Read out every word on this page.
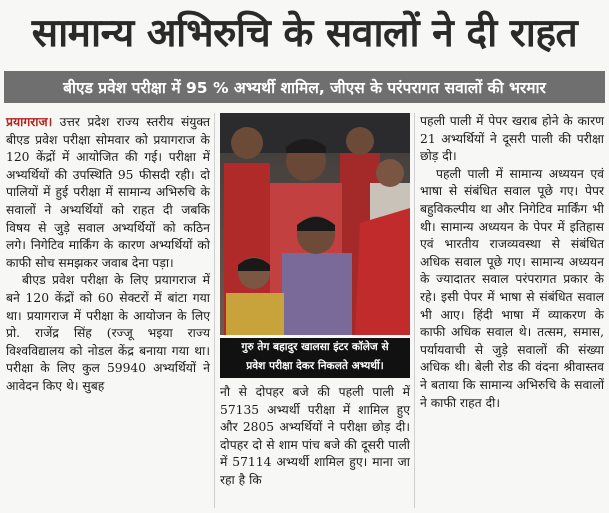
सामान्य अभिरुचि के सवालों ने दी राहत
बीएड प्रवेश परीक्षा में 95 % अभ्यर्थी शामिल, जीएस के परंपरागत सवालों की भरमार

प्रयागराज। उत्तर प्रदेश राज्य स्तरीय संयुक्त बीएड प्रवेश परीक्षा सोमवार को प्रयागराज के 120 केंद्रों में आयोजित की गई। परीक्षा में अभ्यर्थियों की उपस्थिति 95 फीसदी रही। दो पालियों में हुई परीक्षा में सामान्य अभिरुचि के सवालों ने अभ्यर्थियों को राहत दी जबकि विषय से जुड़े सवाल अभ्यर्थियों को कठिन लगे। निगेटिव मार्किंग के कारण अभ्यर्थियों को काफी सोच समझकर जवाब देना पड़ा।

बीएड प्रवेश परीक्षा के लिए प्रयागराज में बने 120 केंद्रों को 60 सेक्टरों में बांटा गया था। प्रयागराज में परीक्षा के आयोजन के लिए प्रो. राजेंद्र सिंह (रज्जू भइया राज्य विश्वविद्यालय को नोडल केंद्र बनाया गया था। परीक्षा के लिए कुल 59940 अभ्यर्थियों ने आवेदन किए थे। सुबह

गुरु तेग बहादुर खालसा इंटर कॉलेज से
प्रवेश परीक्षा देकर निकलते अभ्यर्थी।

नौ से दोपहर बजे की पहली पाली में 57135 अभ्यर्थी परीक्षा में शामिल हुए और 2805 अभ्यर्थियों ने परीक्षा छोड़ दी। दोपहर दो से शाम पांच बजे की दूसरी पाली में 57114 अभ्यर्थी शामिल हुए। माना जा रहा है कि

पहली पाली में पेपर खराब होने के कारण 21 अभ्यर्थियों ने दूसरी पाली की परीक्षा छोड़ दी।

पहली पाली में सामान्य अध्ययन एवं भाषा से संबंधित सवाल पूछे गए। पेपर बहुविकल्पीय था और निगेटिव मार्किंग भी थी। सामान्य अध्ययन के पेपर में इतिहास एवं भारतीय राजव्यवस्था से संबंधित अधिक सवाल पूछे गए। सामान्य अध्ययन के ज्यादातर सवाल परंपरागत प्रकार के रहे। इसी पेपर में भाषा से संबंधित सवाल भी आए। हिंदी भाषा में व्याकरण के काफी अधिक सवाल थे। तत्सम, समास, पर्यायवाची से जुड़े सवालों की संख्या अधिक थी। बेली रोड की वंदना श्रीवास्तव ने बताया कि सामान्य अभिरुचि के सवालों ने काफी राहत दी।
